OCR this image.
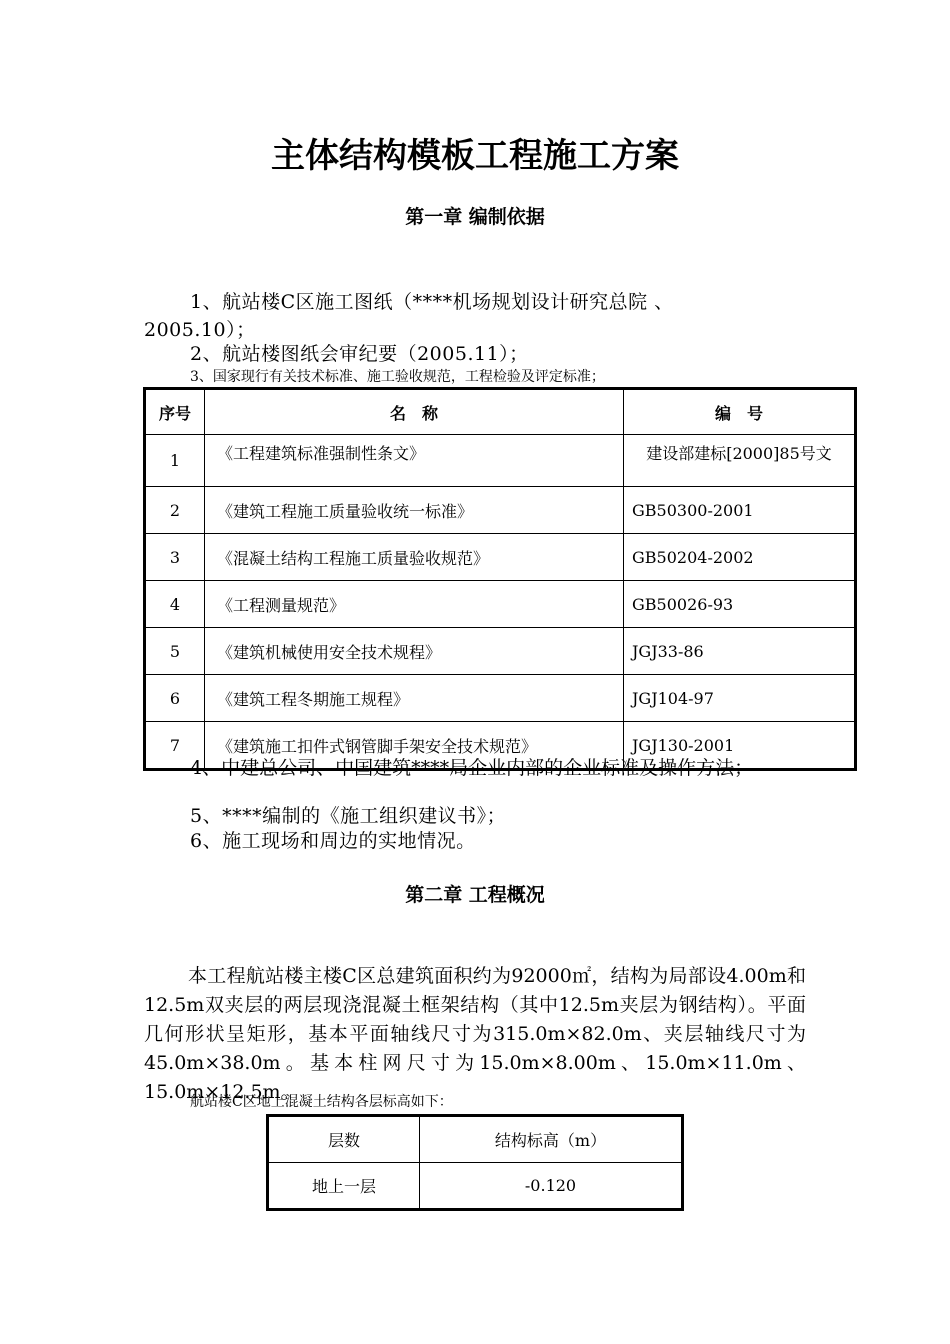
主体结构模板工程施工方案
第一章 编制依据
1、航站楼C区施工图纸（****机场规划设计研究总院 、
2005.10）；
2、航站楼图纸会审纪要（2005.11）；
3、国家现行有关技术标准、施工验收规范，工程检验及评定标准；
序号	名　称	编　号
1	《工程建筑标准强制性条文》	建设部建标[2000]85号文
2	《建筑工程施工质量验收统一标准》	GB50300-2001
3	《混凝土结构工程施工质量验收规范》	GB50204-2002
4	《工程测量规范》	GB50026-93
5	《建筑机械使用安全技术规程》	JGJ33-86
6	《建筑工程冬期施工规程》	JGJ104-97
7	《建筑施工扣件式钢管脚手架安全技术规范》	JGJ130-2001
4、中建总公司、中国建筑****局企业内部的企业标准及操作方法；
5、****编制的《施工组织建议书》；
6、施工现场和周边的实地情况。
第二章 工程概况
本工程航站楼主楼C区总建筑面积约为92000㎡，结构为局部设4.00m和12.5m双夹层的两层现浇混凝土框架结构（其中12.5m夹层为钢结构）。平面几何形状呈矩形，基本平面轴线尺寸为315.0m×82.0m、夹层轴线尺寸为45.0m×38.0m。基本柱网尺寸为15.0m×8.00m、15.0m×11.0m、15.0m×12.5m。
航站楼C区地上混凝土结构各层标高如下：
层数	结构标高（m）
地上一层	-0.120
